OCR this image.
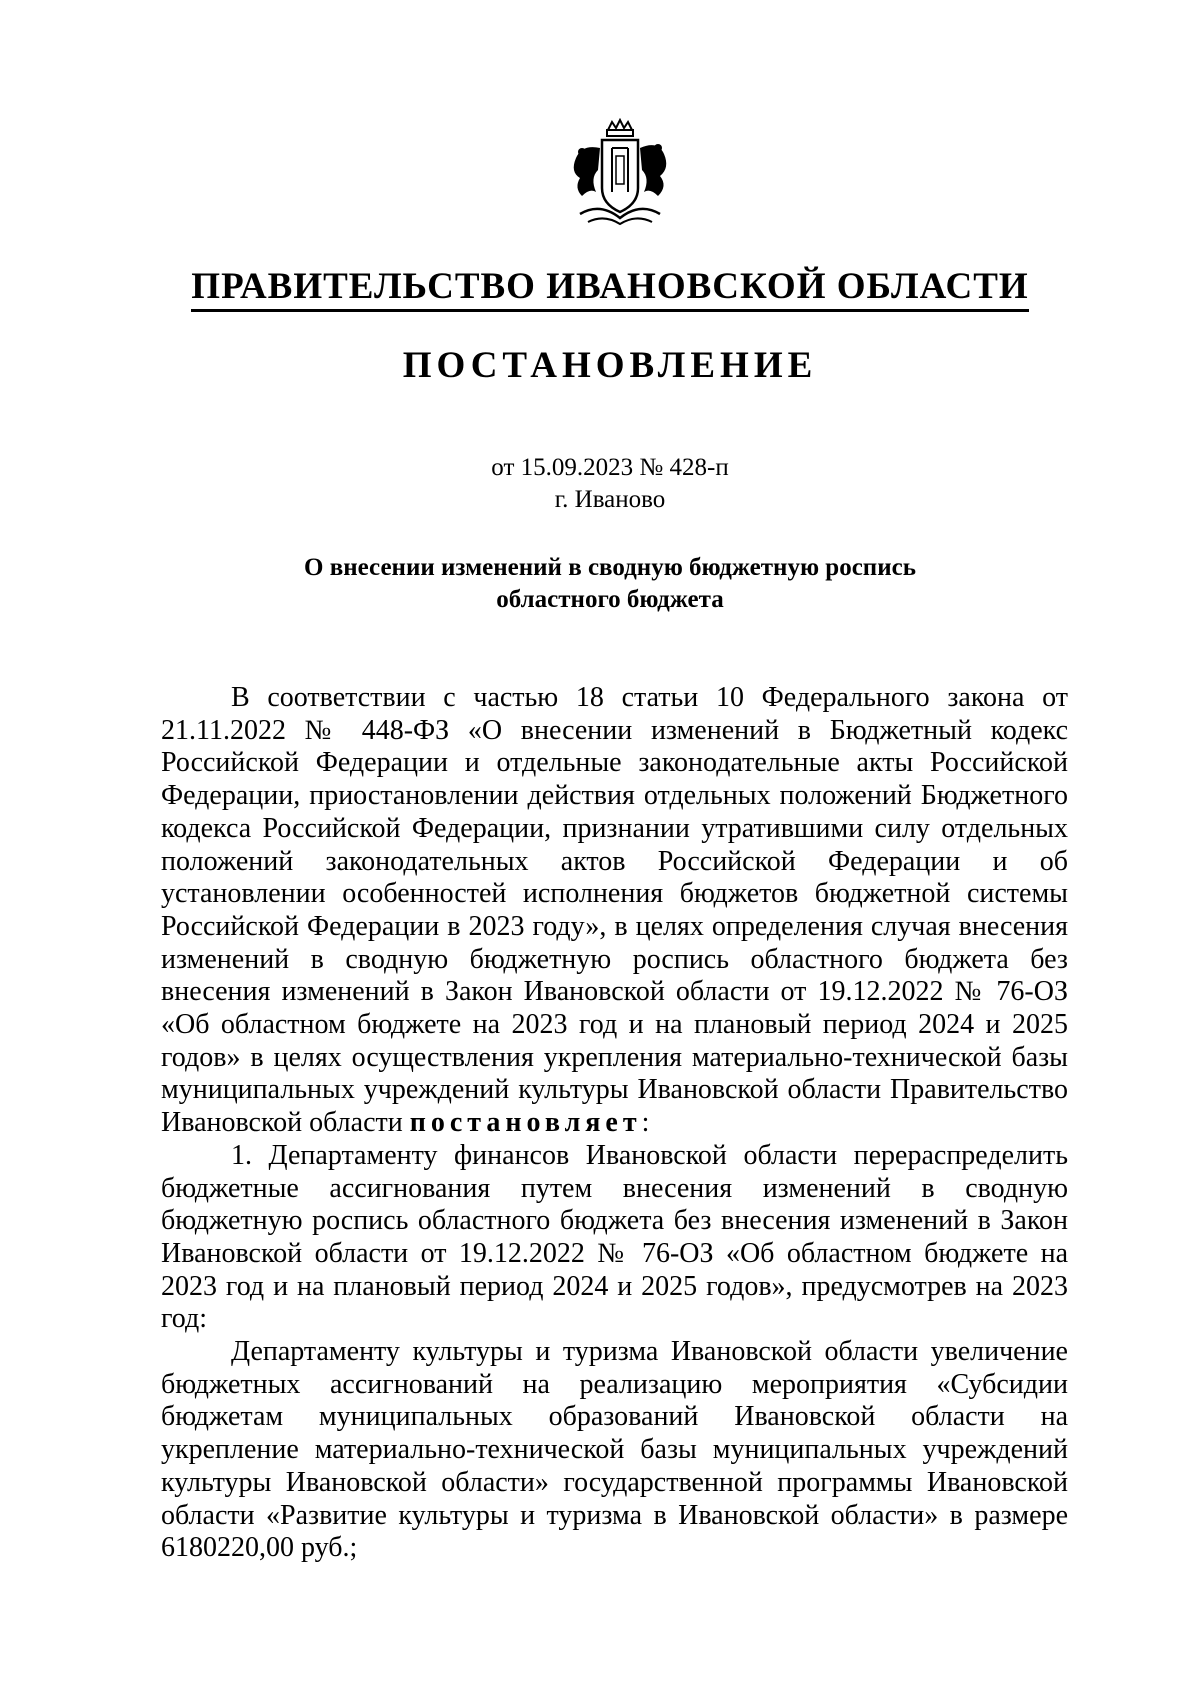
ПРАВИТЕЛЬСТВО ИВАНОВСКОЙ ОБЛАСТИ
ПОСТАНОВЛЕНИЕ
от 15.09.2023 № 428-п
г. Иваново
О внесении изменений в сводную бюджетную роспись
областного бюджета

В соответствии с частью 18 статьи 10 Федерального закона от 21.11.2022 № 448-ФЗ «О внесении изменений в Бюджетный кодекс Российской Федерации и отдельные законодательные акты Российской Федерации, приостановлении действия отдельных положений Бюджетного кодекса Российской Федерации, признании утратившими силу отдельных положений законодательных актов Российской Федерации и об установлении особенностей исполнения бюджетов бюджетной системы Российской Федерации в 2023 году», в целях определения случая внесения изменений в сводную бюджетную роспись областного бюджета без внесения изменений в Закон Ивановской области от 19.12.2022 № 76-ОЗ «Об областном бюджете на 2023 год и на плановый период 2024 и 2025 годов» в целях осуществления укрепления материально-технической базы муниципальных учреждений культуры Ивановской области Правительство Ивановской области постановляет:

1. Департаменту финансов Ивановской области перераспределить бюджетные ассигнования путем внесения изменений в сводную бюджетную роспись областного бюджета без внесения изменений в Закон Ивановской области от 19.12.2022 № 76-ОЗ «Об областном бюджете на 2023 год и на плановый период 2024 и 2025 годов», предусмотрев на 2023 год:

Департаменту культуры и туризма Ивановской области увеличение бюджетных ассигнований на реализацию мероприятия «Субсидии бюджетам муниципальных образований Ивановской области на укрепление материально-технической базы муниципальных учреждений культуры Ивановской области» государственной программы Ивановской области «Развитие культуры и туризма в Ивановской области» в размере 6180220,00 руб.;
